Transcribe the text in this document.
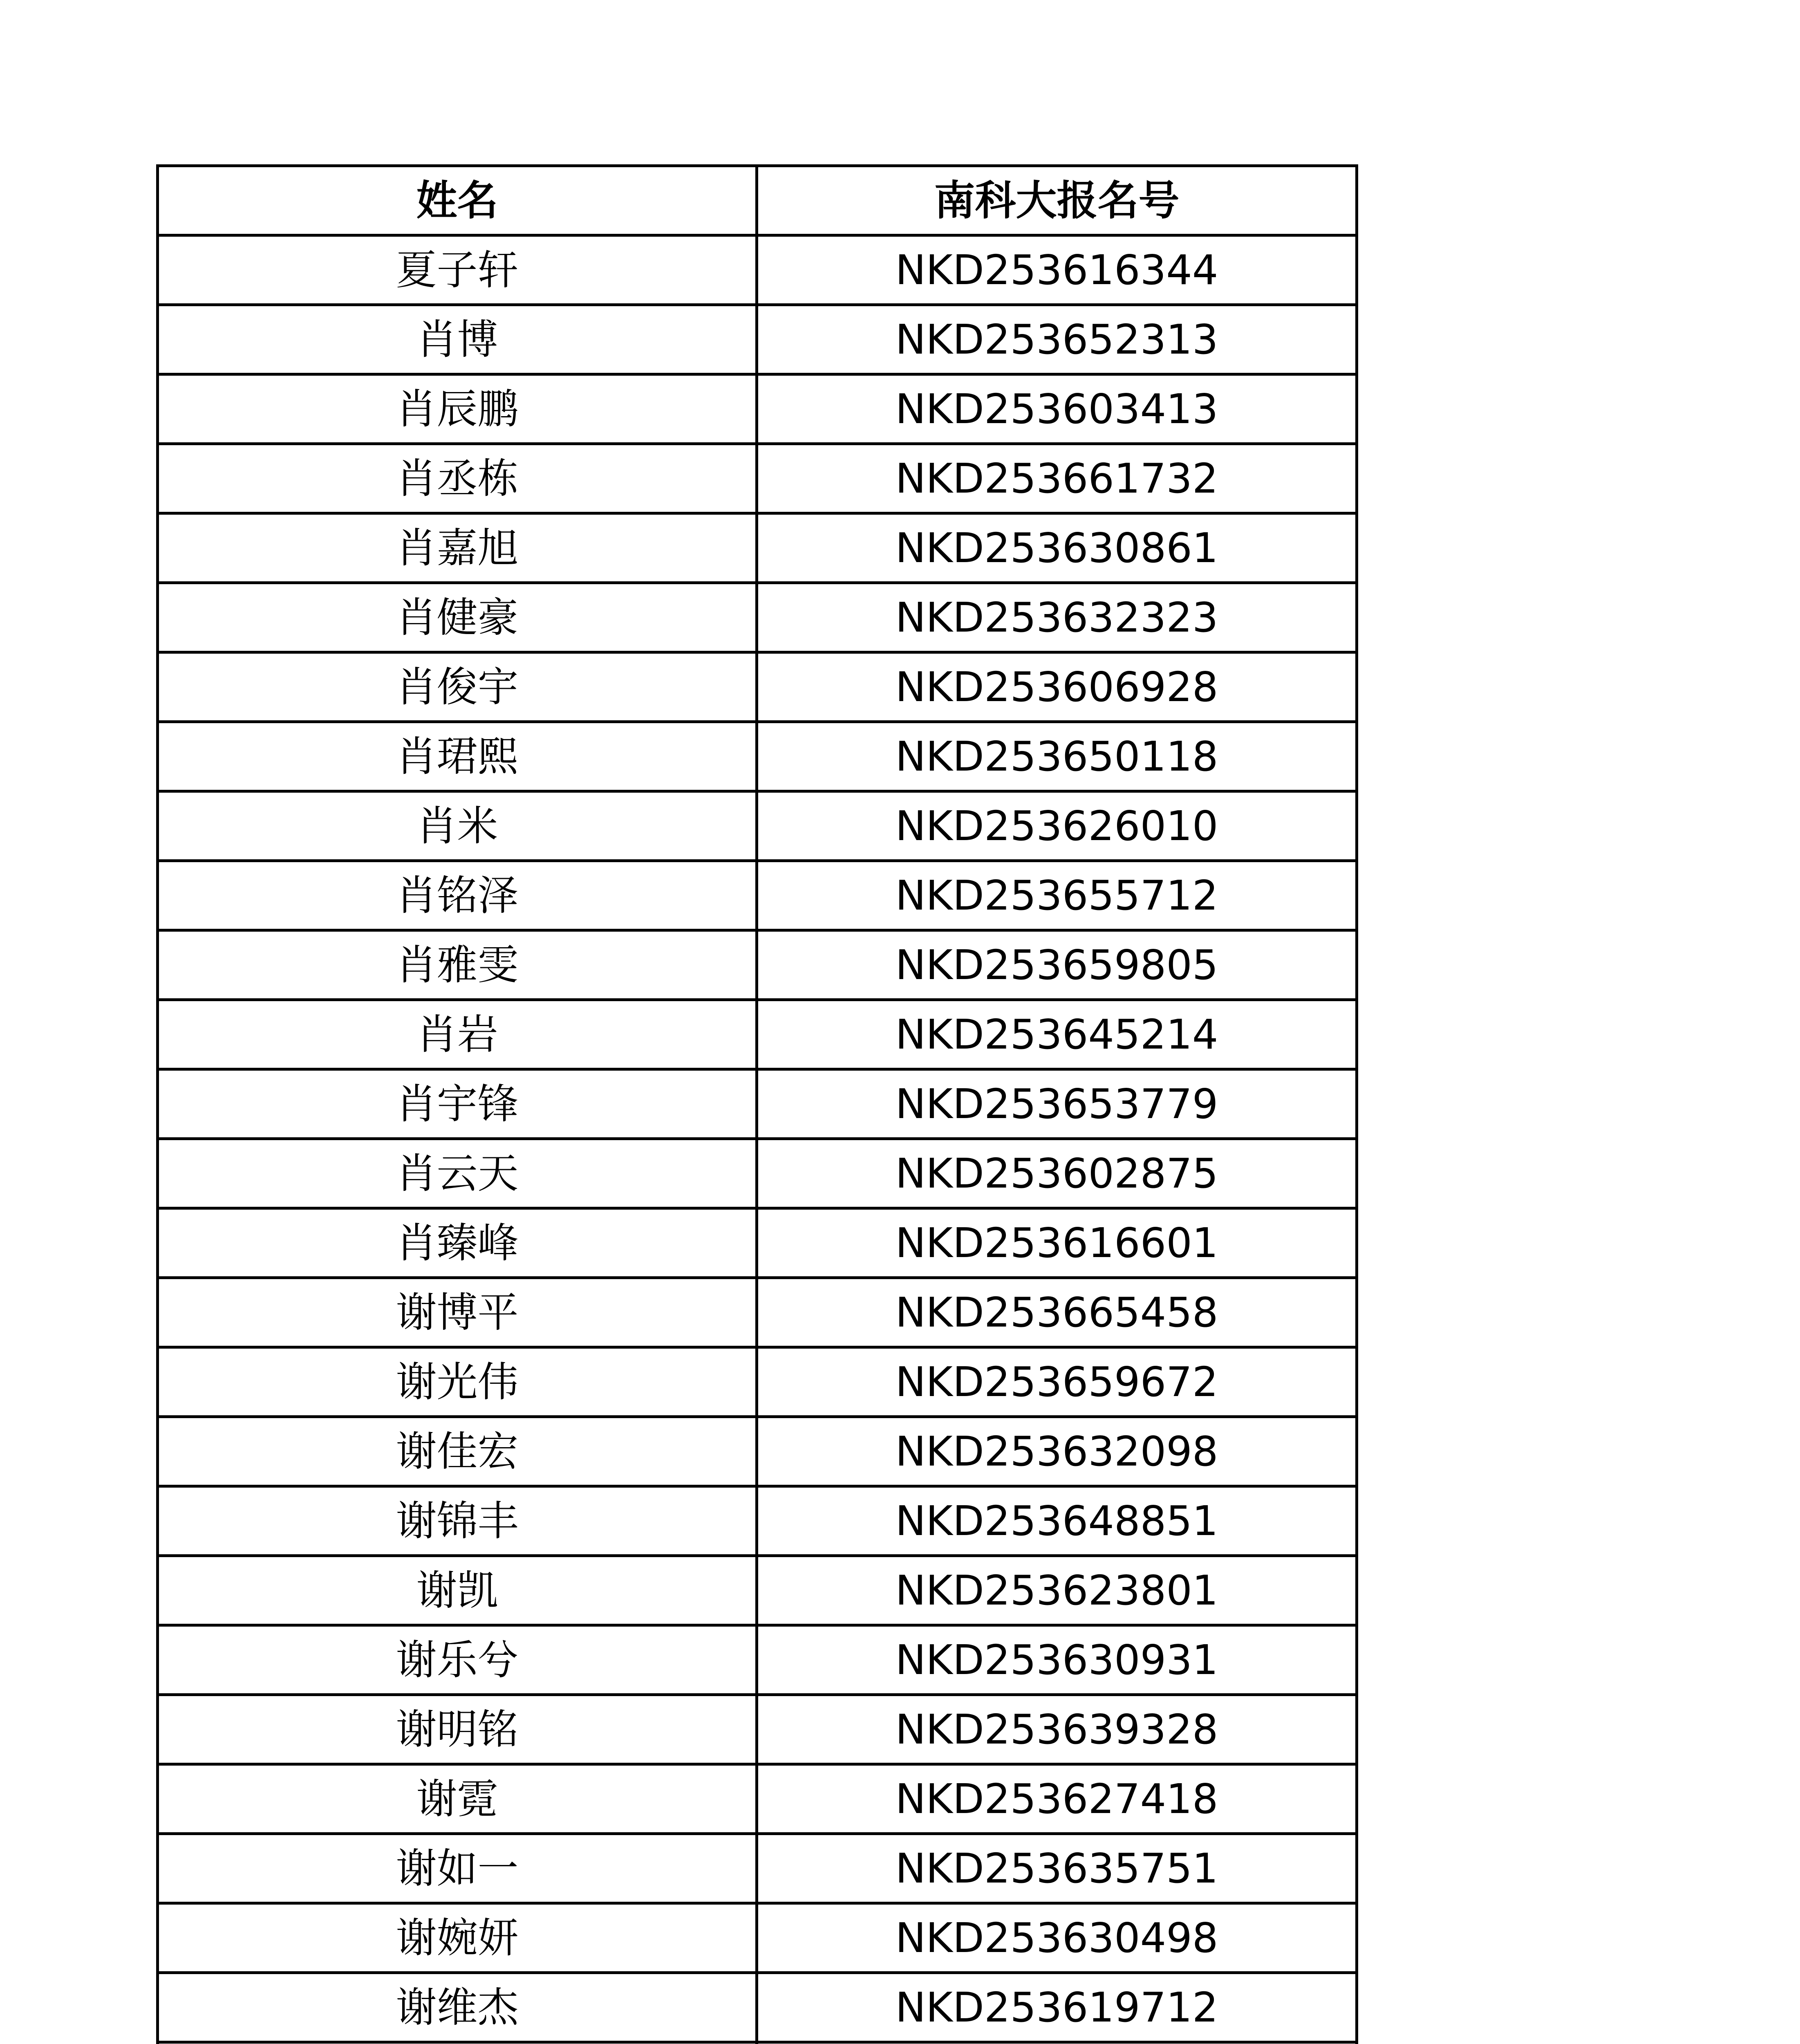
姓名	南科大报名号
夏子轩	NKD253616344
肖博	NKD253652313
肖辰鹏	NKD253603413
肖丞栋	NKD253661732
肖嘉旭	NKD253630861
肖健豪	NKD253632323
肖俊宇	NKD253606928
肖珺熙	NKD253650118
肖米	NKD253626010
肖铭泽	NKD253655712
肖雅雯	NKD253659805
肖岩	NKD253645214
肖宇锋	NKD253653779
肖云天	NKD253602875
肖臻峰	NKD253616601
谢博平	NKD253665458
谢光伟	NKD253659672
谢佳宏	NKD253632098
谢锦丰	NKD253648851
谢凯	NKD253623801
谢乐兮	NKD253630931
谢明铭	NKD253639328
谢霓	NKD253627418
谢如一	NKD253635751
谢婉妍	NKD253630498
谢维杰	NKD253619712
